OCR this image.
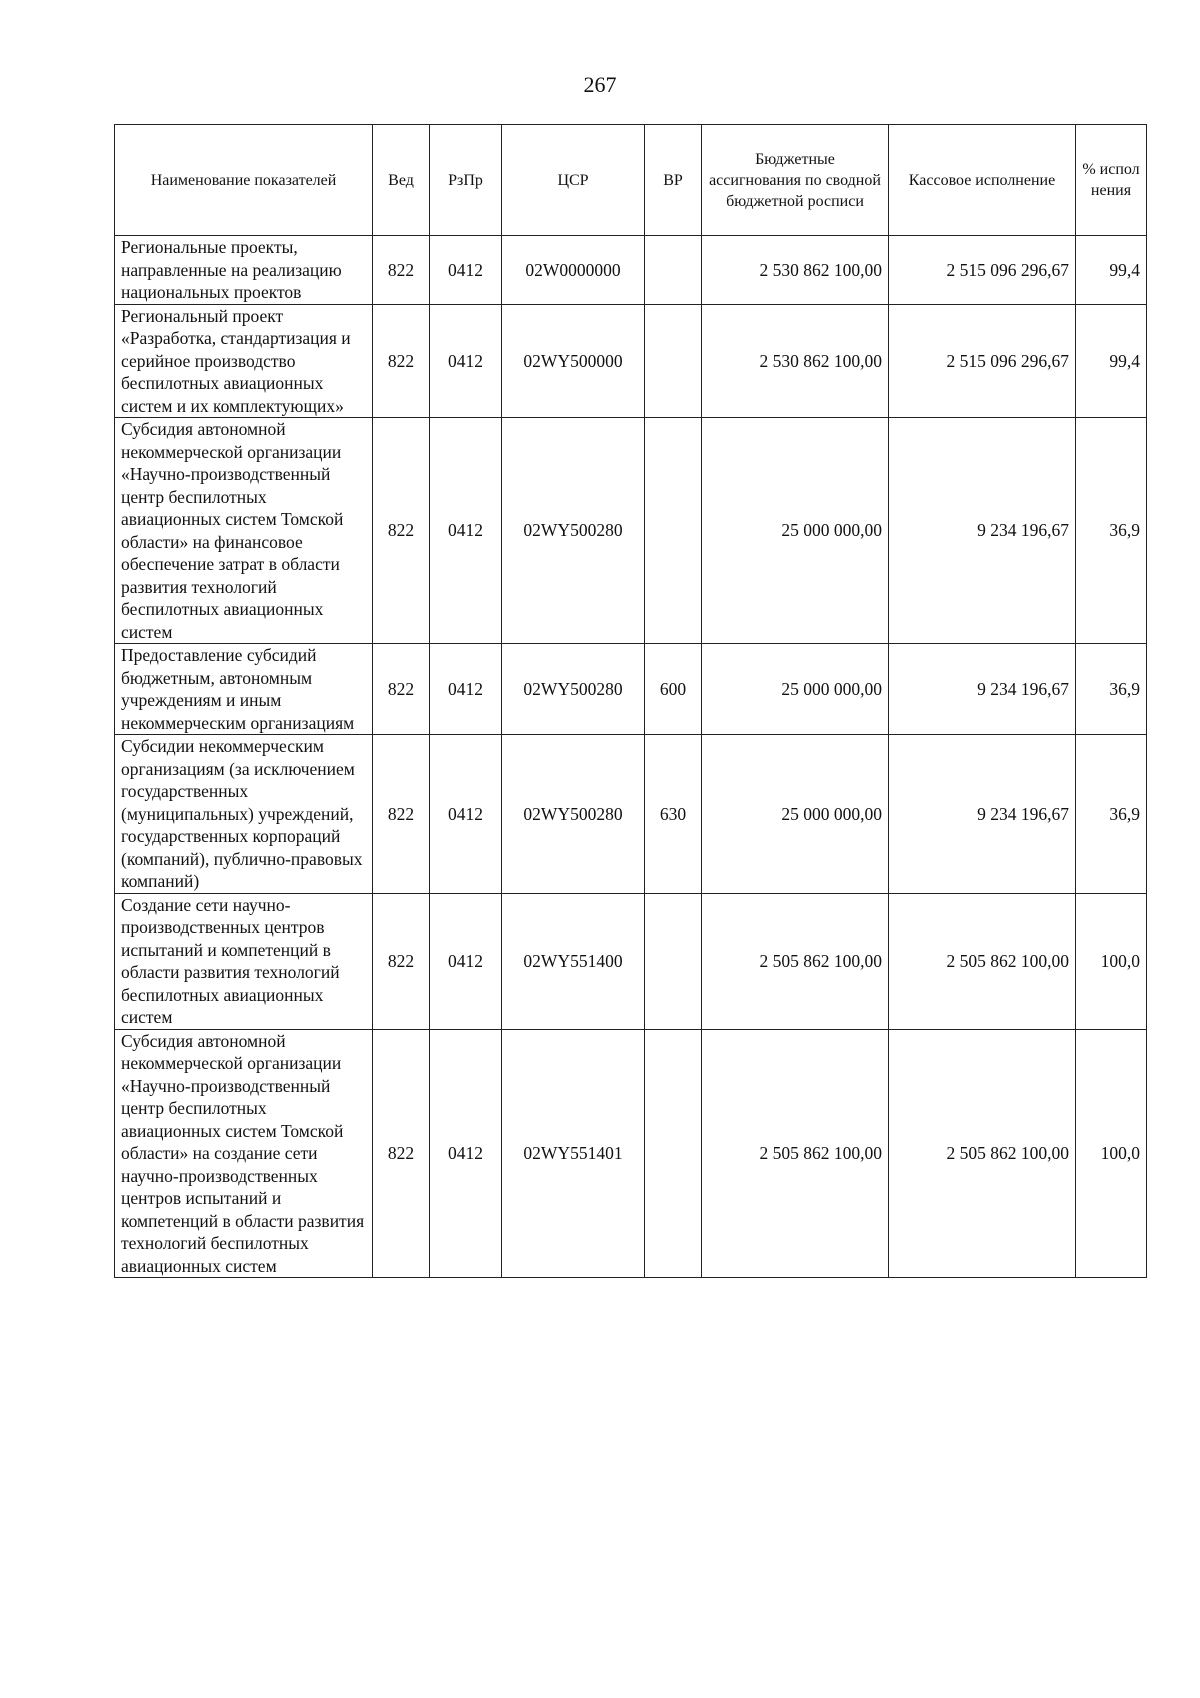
267
Наименование показателей	Вед	РзПр	ЦСР	ВР	Бюджетные ассигнования по сводной бюджетной росписи	Кассовое исполнение	% испол нения
Региональные проекты, направленные на реализацию национальных проектов	822	0412	02W0000000		2 530 862 100,00	2 515 096 296,67	99,4
Региональный проект «Разработка, стандартизация и серийное производство беспилотных авиационных систем и их комплектующих»	822	0412	02WY500000		2 530 862 100,00	2 515 096 296,67	99,4
Субсидия автономной некоммерческой организации «Научно-производственный центр беспилотных авиационных систем Томской области» на финансовое обеспечение затрат в области развития технологий беспилотных авиационных систем	822	0412	02WY500280		25 000 000,00	9 234 196,67	36,9
Предоставление субсидий бюджетным, автономным учреждениям и иным некоммерческим организациям	822	0412	02WY500280	600	25 000 000,00	9 234 196,67	36,9
Субсидии некоммерческим организациям (за исключением государственных (муниципальных) учреждений, государственных корпораций (компаний), публично-правовых компаний)	822	0412	02WY500280	630	25 000 000,00	9 234 196,67	36,9
Создание сети научно-производственных центров испытаний и компетенций в области развития технологий беспилотных авиационных систем	822	0412	02WY551400		2 505 862 100,00	2 505 862 100,00	100,0
Субсидия автономной некоммерческой организации «Научно-производственный центр беспилотных авиационных систем Томской области» на создание сети научно-производственных центров испытаний и компетенций в области развития технологий беспилотных авиационных систем	822	0412	02WY551401		2 505 862 100,00	2 505 862 100,00	100,0
